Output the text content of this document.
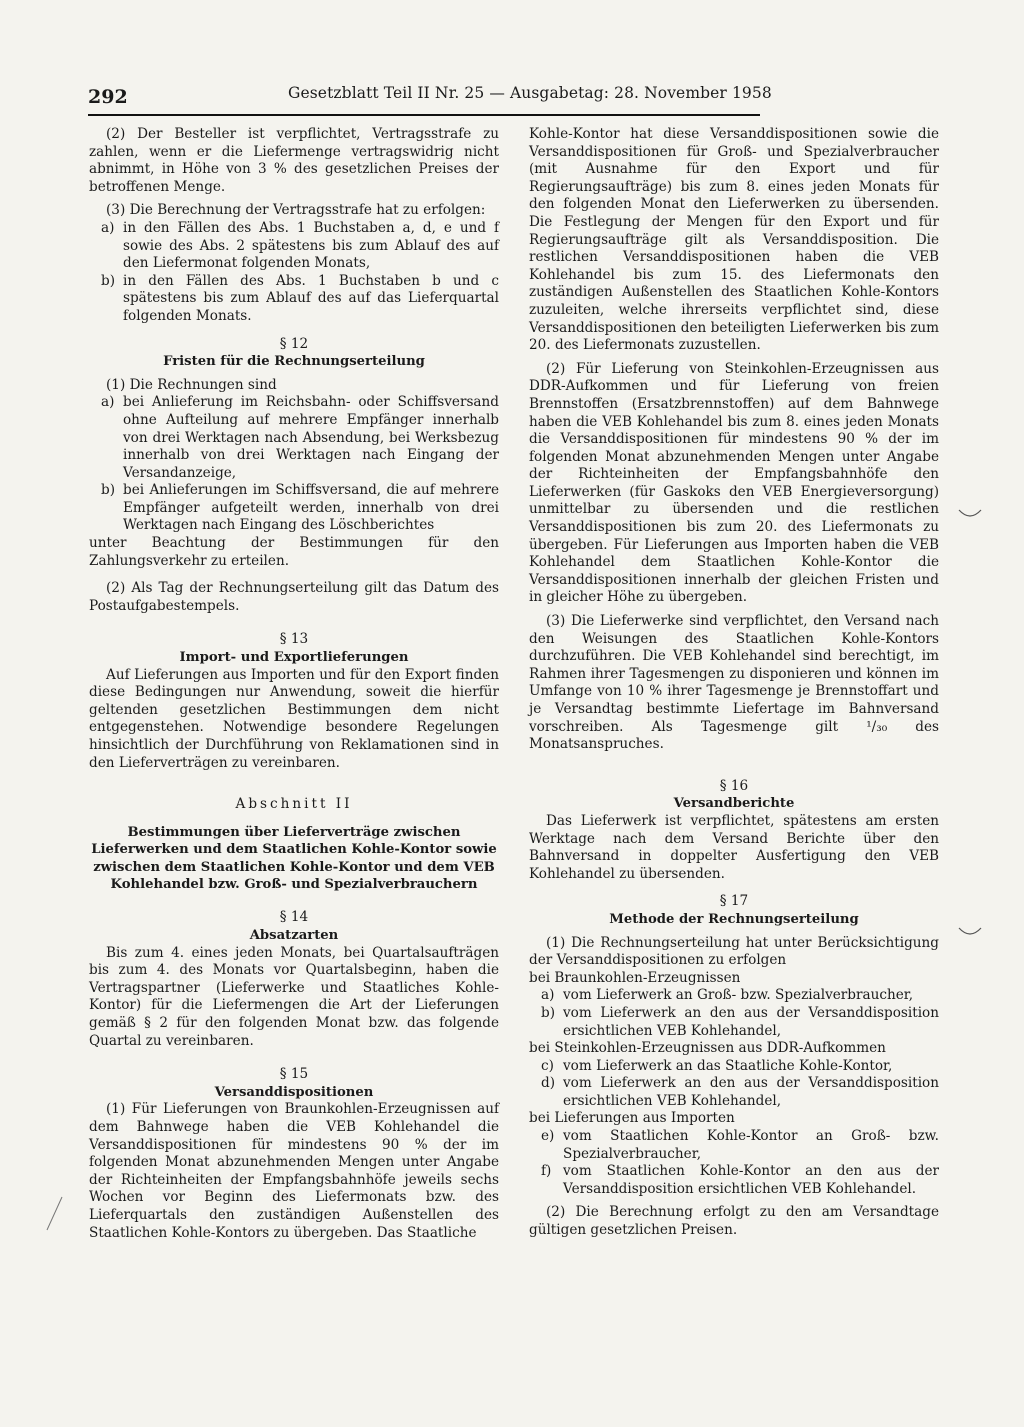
292	Gesetzblatt Teil II Nr. 25 — Ausgabetag: 28. November 1958

(2) Der Besteller ist verpflichtet, Vertragsstrafe zu zahlen, wenn er die Liefermenge vertragswidrig nicht abnimmt, in Höhe von 3 % des gesetzlichen Preises der betroffenen Menge.

(3) Die Berechnung der Vertragsstrafe hat zu erfolgen:

a) in den Fällen des Abs. 1 Buchstaben a, d, e und f sowie des Abs. 2 spätestens bis zum Ablauf des auf den Liefermonat folgenden Monats,
b) in den Fällen des Abs. 1 Buchstaben b und c spätestens bis zum Ablauf des auf das Lieferquartal folgenden Monats.

§ 12

Fristen für die Rechnungserteilung

(1) Die Rechnungen sind

a) bei Anlieferung im Reichsbahn- oder Schiffsversand ohne Aufteilung auf mehrere Empfänger innerhalb von drei Werktagen nach Absendung, bei Werksbezug innerhalb von drei Werktagen nach Eingang der Versandanzeige,
b) bei Anlieferungen im Schiffsversand, die auf mehrere Empfänger aufgeteilt werden, innerhalb von drei Werktagen nach Eingang des Löschberichtes

unter Beachtung der Bestimmungen für den Zahlungsverkehr zu erteilen.

(2) Als Tag der Rechnungserteilung gilt das Datum des Postaufgabestempels.

§ 13

Import- und Exportlieferungen

Auf Lieferungen aus Importen und für den Export finden diese Bedingungen nur Anwendung, soweit die hierfür geltenden gesetzlichen Bestimmungen dem nicht entgegenstehen. Notwendige besondere Regelungen hinsichtlich der Durchführung von Reklamationen sind in den Lieferverträgen zu vereinbaren.

Abschnitt II

Bestimmungen über Lieferverträge zwischen Lieferwerken und dem Staatlichen Kohle-Kontor sowie zwischen dem Staatlichen Kohle-Kontor und dem VEB Kohlehandel bzw. Groß- und Spezialverbrauchern

§ 14

Absatzarten

Bis zum 4. eines jeden Monats, bei Quartalsaufträgen bis zum 4. des Monats vor Quartalsbeginn, haben die Vertragspartner (Lieferwerke und Staatliches Kohle-Kontor) für die Liefermengen die Art der Lieferungen gemäß § 2 für den folgenden Monat bzw. das folgende Quartal zu vereinbaren.

§ 15

Versanddispositionen

(1) Für Lieferungen von Braunkohlen-Erzeugnissen auf dem Bahnwege haben die VEB Kohlehandel die Versanddispositionen für mindestens 90 % der im folgenden Monat abzunehmenden Mengen unter Angabe der Richteinheiten der Empfangsbahnhöfe jeweils sechs Wochen vor Beginn des Liefermonats bzw. des Lieferquartals den zuständigen Außenstellen des Staatlichen Kohle-Kontors zu übergeben. Das Staatliche

Kohle-Kontor hat diese Versanddispositionen sowie die Versanddispositionen für Groß- und Spezialverbraucher (mit Ausnahme für den Export und für Regierungsaufträge) bis zum 8. eines jeden Monats für den folgenden Monat den Lieferwerken zu übersenden. Die Festlegung der Mengen für den Export und für Regierungsaufträge gilt als Versanddisposition. Die restlichen Versanddispositionen haben die VEB Kohlehandel bis zum 15. des Liefermonats den zuständigen Außenstellen des Staatlichen Kohle-Kontors zuzuleiten, welche ihrerseits verpflichtet sind, diese Versanddispositionen den beteiligten Lieferwerken bis zum 20. des Liefermonats zuzustellen.

(2) Für Lieferung von Steinkohlen-Erzeugnissen aus DDR-Aufkommen und für Lieferung von freien Brennstoffen (Ersatzbrennstoffen) auf dem Bahnwege haben die VEB Kohlehandel bis zum 8. eines jeden Monats die Versanddispositionen für mindestens 90 % der im folgenden Monat abzunehmenden Mengen unter Angabe der Richteinheiten der Empfangsbahnhöfe den Lieferwerken (für Gaskoks den VEB Energieversorgung) unmittelbar zu übersenden und die restlichen Versanddispositionen bis zum 20. des Liefermonats zu übergeben. Für Lieferungen aus Importen haben die VEB Kohlehandel dem Staatlichen Kohle-Kontor die Versanddispositionen innerhalb der gleichen Fristen und in gleicher Höhe zu übergeben.

(3) Die Lieferwerke sind verpflichtet, den Versand nach den Weisungen des Staatlichen Kohle-Kontors durchzuführen. Die VEB Kohlehandel sind berechtigt, im Rahmen ihrer Tagesmengen zu disponieren und können im Umfange von 10 % ihrer Tagesmenge je Brennstoffart und je Versandtag bestimmte Liefertage im Bahnversand vorschreiben. Als Tagesmenge gilt ¹/₃₀ des Monatsanspruches.

§ 16

Versandberichte

Das Lieferwerk ist verpflichtet, spätestens am ersten Werktage nach dem Versand Berichte über den Bahnversand in doppelter Ausfertigung den VEB Kohlehandel zu übersenden.

§ 17

Methode der Rechnungserteilung

(1) Die Rechnungserteilung hat unter Berücksichtigung der Versanddispositionen zu erfolgen

bei Braunkohlen-Erzeugnissen

a) vom Lieferwerk an Groß- bzw. Spezialverbraucher,
b) vom Lieferwerk an den aus der Versanddisposition ersichtlichen VEB Kohlehandel,

bei Steinkohlen-Erzeugnissen aus DDR-Aufkommen

c) vom Lieferwerk an das Staatliche Kohle-Kontor,
d) vom Lieferwerk an den aus der Versanddisposition ersichtlichen VEB Kohlehandel,

bei Lieferungen aus Importen

e) vom Staatlichen Kohle-Kontor an Groß- bzw. Spezialverbraucher,
f) vom Staatlichen Kohle-Kontor an den aus der Versanddisposition ersichtlichen VEB Kohlehandel.

(2) Die Berechnung erfolgt zu den am Versandtage gültigen gesetzlichen Preisen.
